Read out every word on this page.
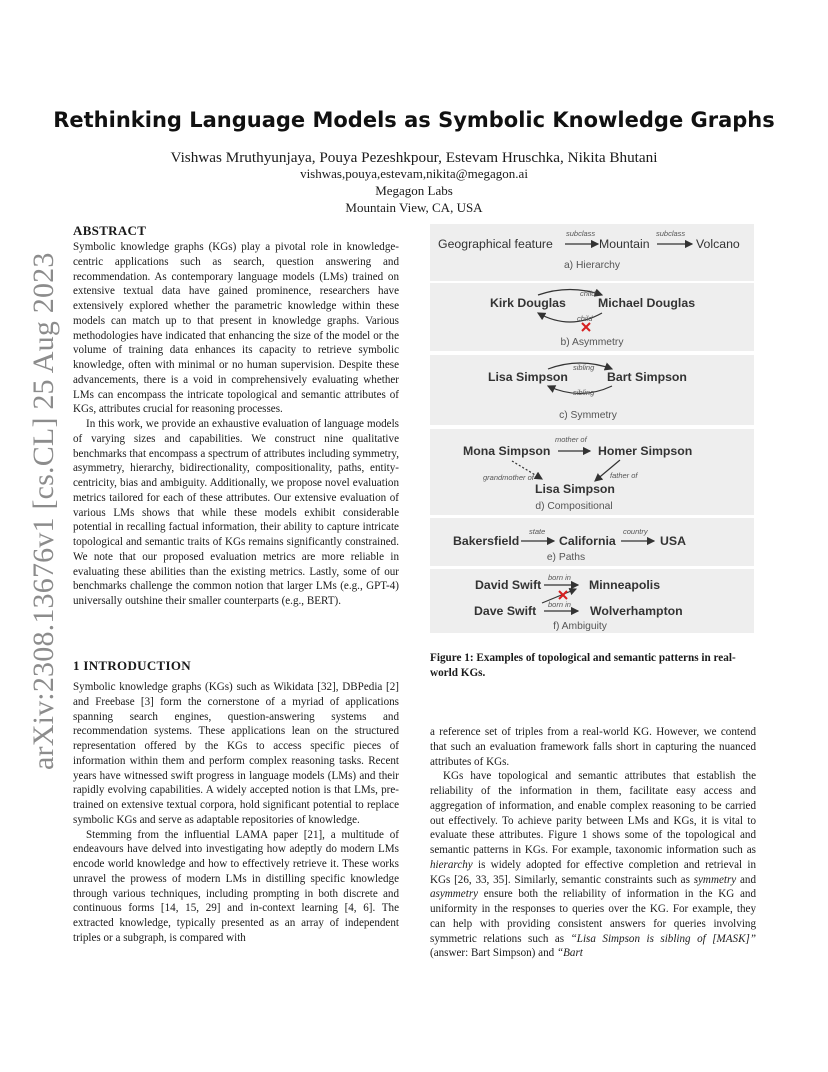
arXiv:2308.13676v1 [cs.CL] 25 Aug 2023
Rethinking Language Models as Symbolic Knowledge Graphs
Vishwas Mruthyunjaya, Pouya Pezeshkpour, Estevam Hruschka, Nikita Bhutani
vishwas,pouya,estevam,nikita@megagon.ai
Megagon Labs
Mountain View, CA, USA
ABSTRACT

Symbolic knowledge graphs (KGs) play a pivotal role in knowledge-centric applications such as search, question answering and recommendation. As contemporary language models (LMs) trained on extensive textual data have gained prominence, researchers have extensively explored whether the parametric knowledge within these models can match up to that present in knowledge graphs. Various methodologies have indicated that enhancing the size of the model or the volume of training data enhances its capacity to retrieve symbolic knowledge, often with minimal or no human supervision. Despite these advancements, there is a void in comprehensively evaluating whether LMs can encompass the intricate topological and semantic attributes of KGs, attributes crucial for reasoning processes.

In this work, we provide an exhaustive evaluation of language models of varying sizes and capabilities. We construct nine qualitative benchmarks that encompass a spectrum of attributes including symmetry, asymmetry, hierarchy, bidirectionality, compositionality, paths, entity-centricity, bias and ambiguity. Additionally, we propose novel evaluation metrics tailored for each of these attributes. Our extensive evaluation of various LMs shows that while these models exhibit considerable potential in recalling factual information, their ability to capture intricate topological and semantic traits of KGs remains significantly constrained. We note that our proposed evaluation metrics are more reliable in evaluating these abilities than the existing metrics. Lastly, some of our benchmarks challenge the common notion that larger LMs (e.g., GPT-4) universally outshine their smaller counterparts (e.g., BERT).

1 INTRODUCTION

Symbolic knowledge graphs (KGs) such as Wikidata [32], DBPedia [2] and Freebase [3] form the cornerstone of a myriad of applications spanning search engines, question-answering systems and recommendation systems. These applications lean on the structured representation offered by the KGs to access specific pieces of information within them and perform complex reasoning tasks. Recent years have witnessed swift progress in language models (LMs) and their rapidly evolving capabilities. A widely accepted notion is that LMs, pre-trained on extensive textual corpora, hold significant potential to replace symbolic KGs and serve as adaptable repositories of knowledge.

Stemming from the influential LAMA paper [21], a multitude of endeavours have delved into investigating how adeptly do modern LMs encode world knowledge and how to effectively retrieve it. These works unravel the prowess of modern LMs in distilling specific knowledge through various techniques, including prompting in both discrete and continuous forms [14, 15, 29] and in-context learning [4, 6]. The extracted knowledge, typically presented as an array of independent triples or a subgraph, is compared with

Geographical feature
subclass
Mountain
subclass
Volcano
a) Hierarchy
Kirk Douglas	Michael Douglas
child
child
b) Asymmetry
Lisa Simpson	Bart Simpson
sibling
sibling
c) Symmetry
Mona Simpson	Homer Simpson
mother of
father of
grandmother of
Lisa Simpson
d) Compositional
Bakersfield
state
California
country
USA
e) Paths
David Swift
born in
Minneapolis
Dave Swift born in Wolverhampton
f) Ambiguity
Figure 1: Examples of topological and semantic patterns in real-world KGs.

a reference set of triples from a real-world KG. However, we contend that such an evaluation framework falls short in capturing the nuanced attributes of KGs.

KGs have topological and semantic attributes that establish the reliability of the information in them, facilitate easy access and aggregation of information, and enable complex reasoning to be carried out effectively. To achieve parity between LMs and KGs, it is vital to evaluate these attributes. Figure 1 shows some of the topological and semantic patterns in KGs. For example, taxonomic information such as hierarchy is widely adopted for effective completion and retrieval in KGs [26, 33, 35]. Similarly, semantic constraints such as symmetry and asymmetry ensure both the reliability of information in the KG and uniformity in the responses to queries over the KG. For example, they can help with providing consistent answers for queries involving symmetric relations such as “Lisa Simpson is sibling of [MASK]” (answer: Bart Simpson) and “Bart
